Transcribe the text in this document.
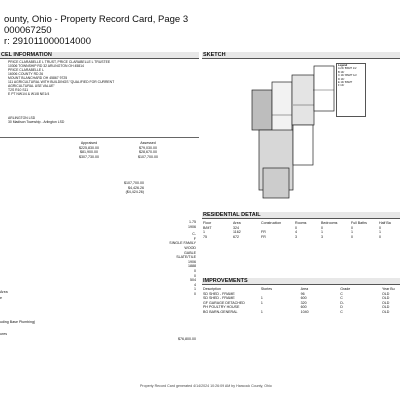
ounty, Ohio - Property Record Card, Page 3
000067250
r: 291011000014000
CEL INFORMATION	SKETCH
RESIDENTIAL DETAIL
IMPROVEMENTS
PRICE CLARABELLE L TRUST, PRICE CLARABELLE L TRUSTEE
10306 TOWNSHIP RD 32 ARLINGTON OH 45814
PRICE CLARABELLE L
16006 COUNTY RD 26
MOUNT BLANCHARD OH 45867 9725
111 AGRICULTURAL WITH BUILDINGS "QUALIFIED FOR CURRENT
AGRICULTURAL USE VALUE"
T2S R10 S11
E PT NW1/4 & W1/8 NE1/4
ARLINGTON LSD
30 Madison Township - Arlington LSD
Appraised	Assessed
$225,830.00	$79,030.00
$81,900.00	$28,670.00
$307,730.00	$107,700.00
$107,700.00
$4,426.26
($4,424.26)
1.75
1906
C-
F
SINGLE FAMILY
WOOD
GABLE
SLATE/TILE
1906
1888
0
0
504
4
1
0
Area
e
uding Base Plumbing)
ures
$76,800.00
Legend
A 2Fr BSMT 1/2
B 1Fr
C 1Fr BSMT 1/2
D 1Fr
E 1Fr BSMT
F 1Fr
Floor	Area	Construction	Rooms	Bedrooms	Full Baths	Half Ba
B/MT	324		0	0	0	0
1	1162	FR	4	1	1	1
75	672	FR	3	3	0	0
Description	Stories	Area	Grade	Year Bu
SD SHED - FRAME		96	C	OLD
SD SHED - FRAME	1	600	C	OLD
GF GARAGE DETACHED	1	320	D-	OLD
PH POULTRY HOUSE		600	D	OLD
BG BARN-GENERAL	1	1040	C	OLD
Property Record Card generated 4/14/2024 10:26:09 AM by Hancock County, Ohio
